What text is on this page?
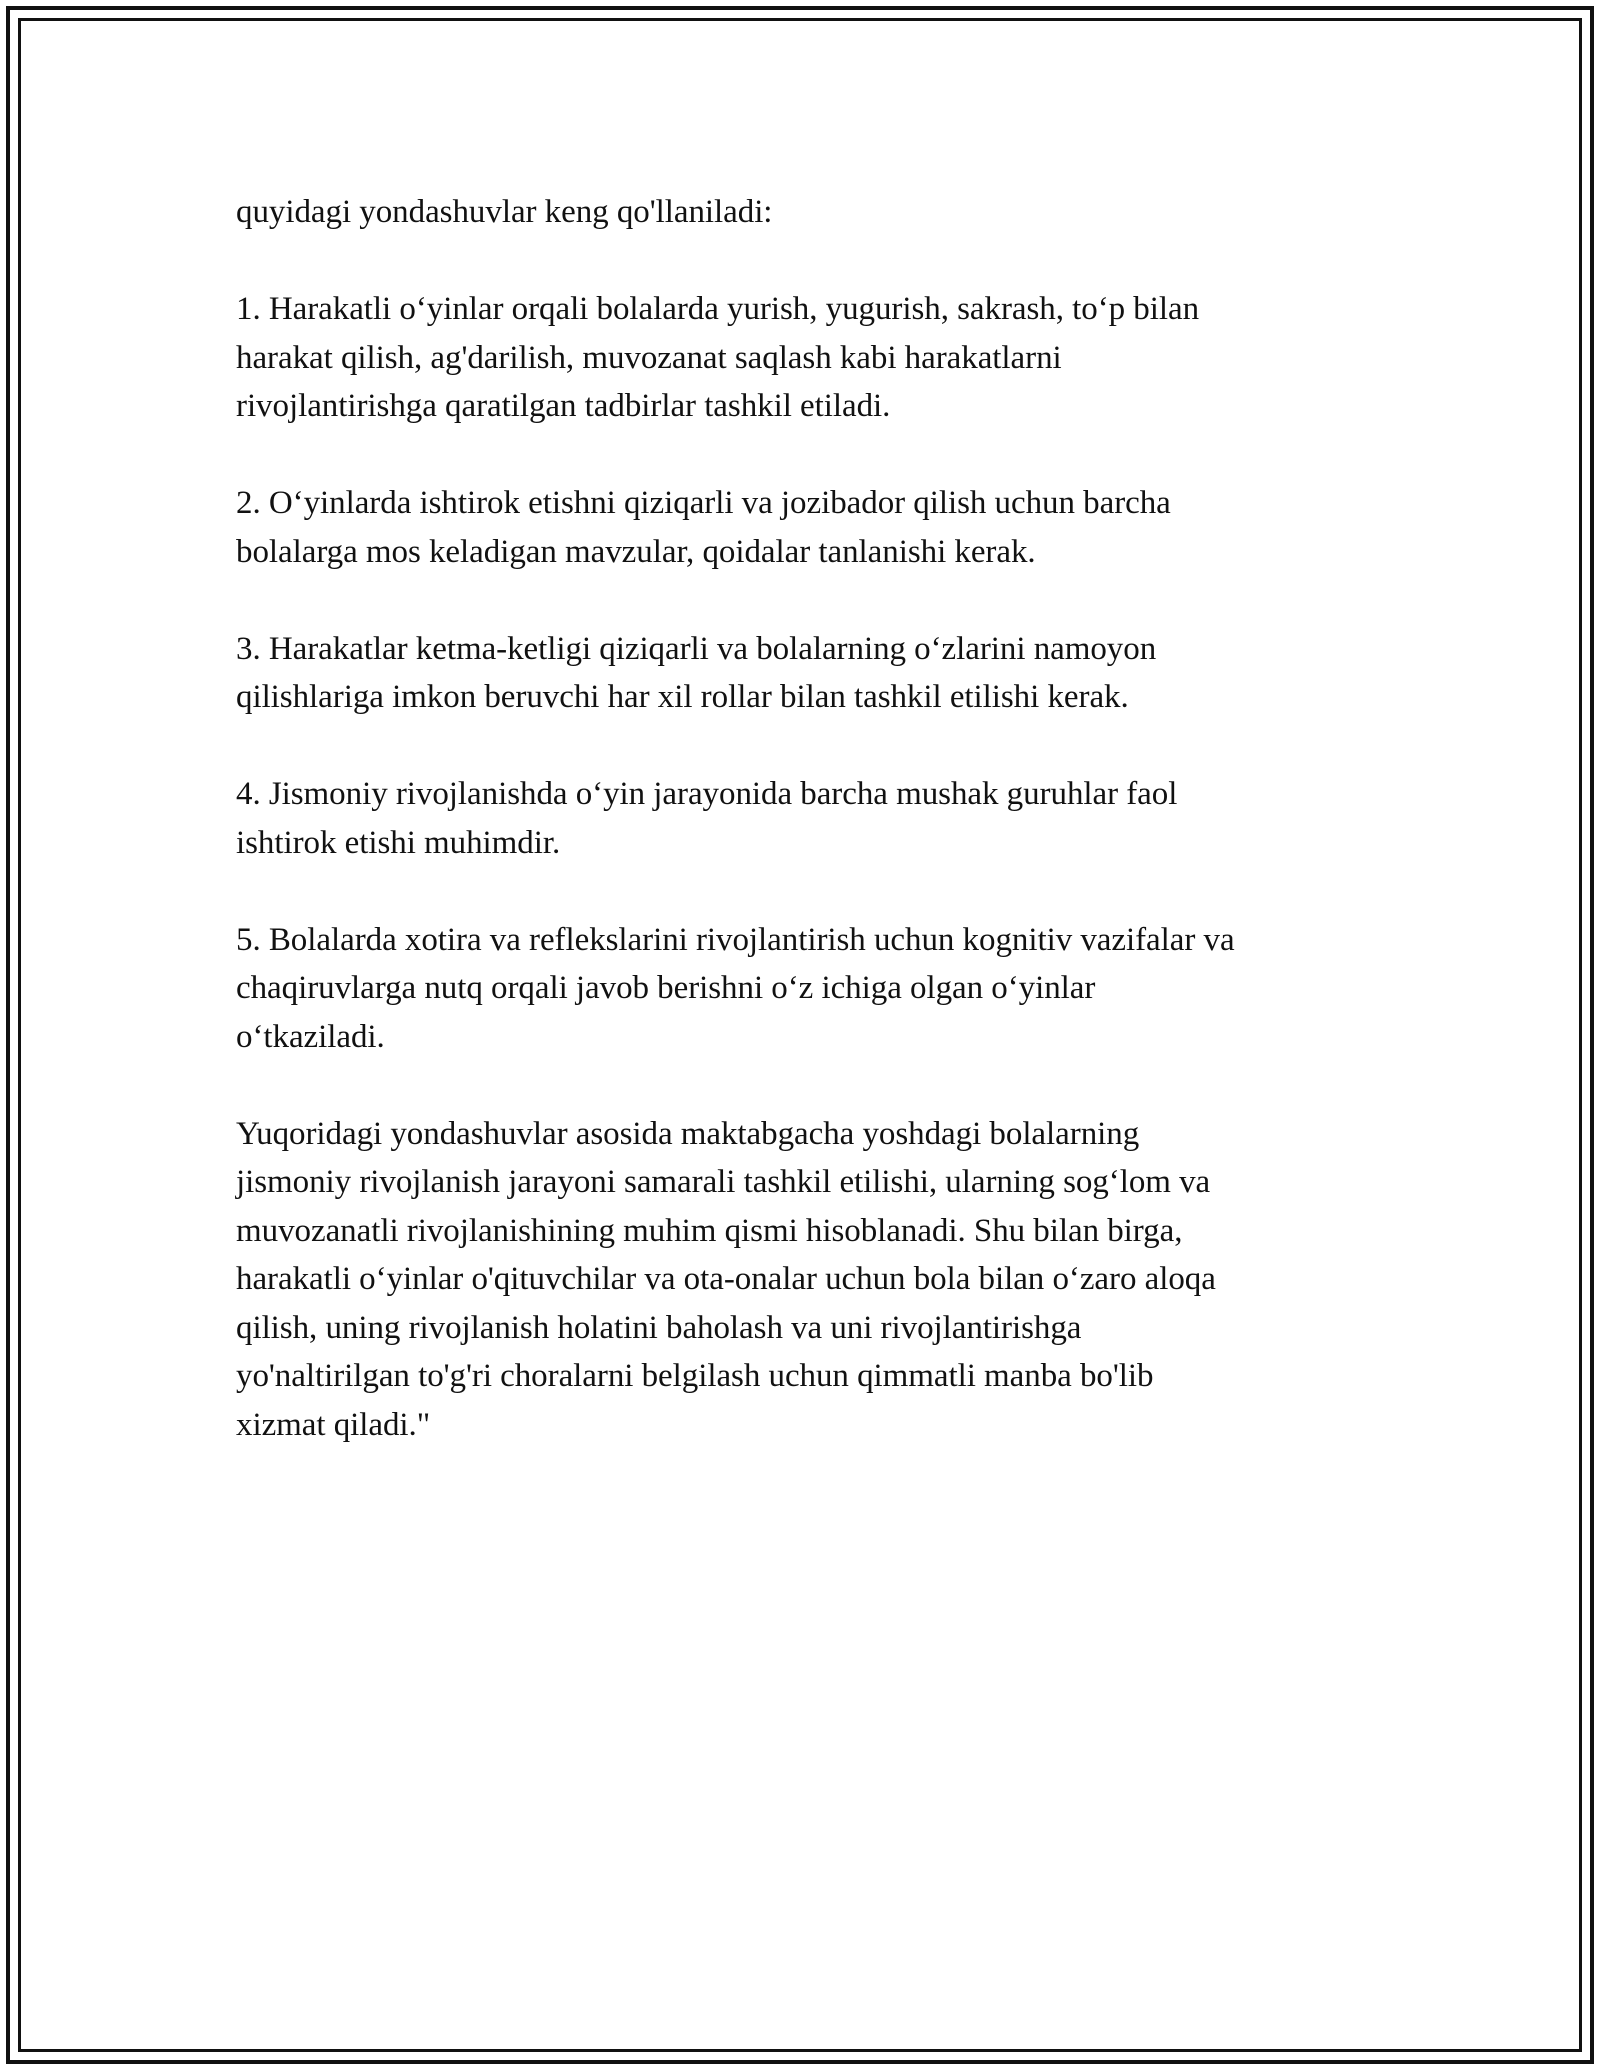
quyidagi yondashuvlar keng qo'llaniladi:

1. Harakatli o‘yinlar orqali bolalarda yurish, yugurish, sakrash, to‘p bilan
harakat qilish, ag'darilish, muvozanat saqlash kabi harakatlarni
rivojlantirishga qaratilgan tadbirlar tashkil etiladi.

2. O‘yinlarda ishtirok etishni qiziqarli va jozibador qilish uchun barcha
bolalarga mos keladigan mavzular, qoidalar tanlanishi kerak.

3. Harakatlar ketma-ketligi qiziqarli va bolalarning o‘zlarini namoyon
qilishlariga imkon beruvchi har xil rollar bilan tashkil etilishi kerak.

4. Jismoniy rivojlanishda o‘yin jarayonida barcha mushak guruhlar faol
ishtirok etishi muhimdir.

5. Bolalarda xotira va reflekslarini rivojlantirish uchun kognitiv vazifalar va
chaqiruvlarga nutq orqali javob berishni o‘z ichiga olgan o‘yinlar
o‘tkaziladi.

Yuqoridagi yondashuvlar asosida maktabgacha yoshdagi bolalarning
jismoniy rivojlanish jarayoni samarali tashkil etilishi, ularning sog‘lom va
muvozanatli rivojlanishining muhim qismi hisoblanadi. Shu bilan birga,
harakatli o‘yinlar o'qituvchilar va ota-onalar uchun bola bilan o‘zaro aloqa
qilish, uning rivojlanish holatini baholash va uni rivojlantirishga
yo'naltirilgan to'g'ri choralarni belgilash uchun qimmatli manba bo'lib
xizmat qiladi."
